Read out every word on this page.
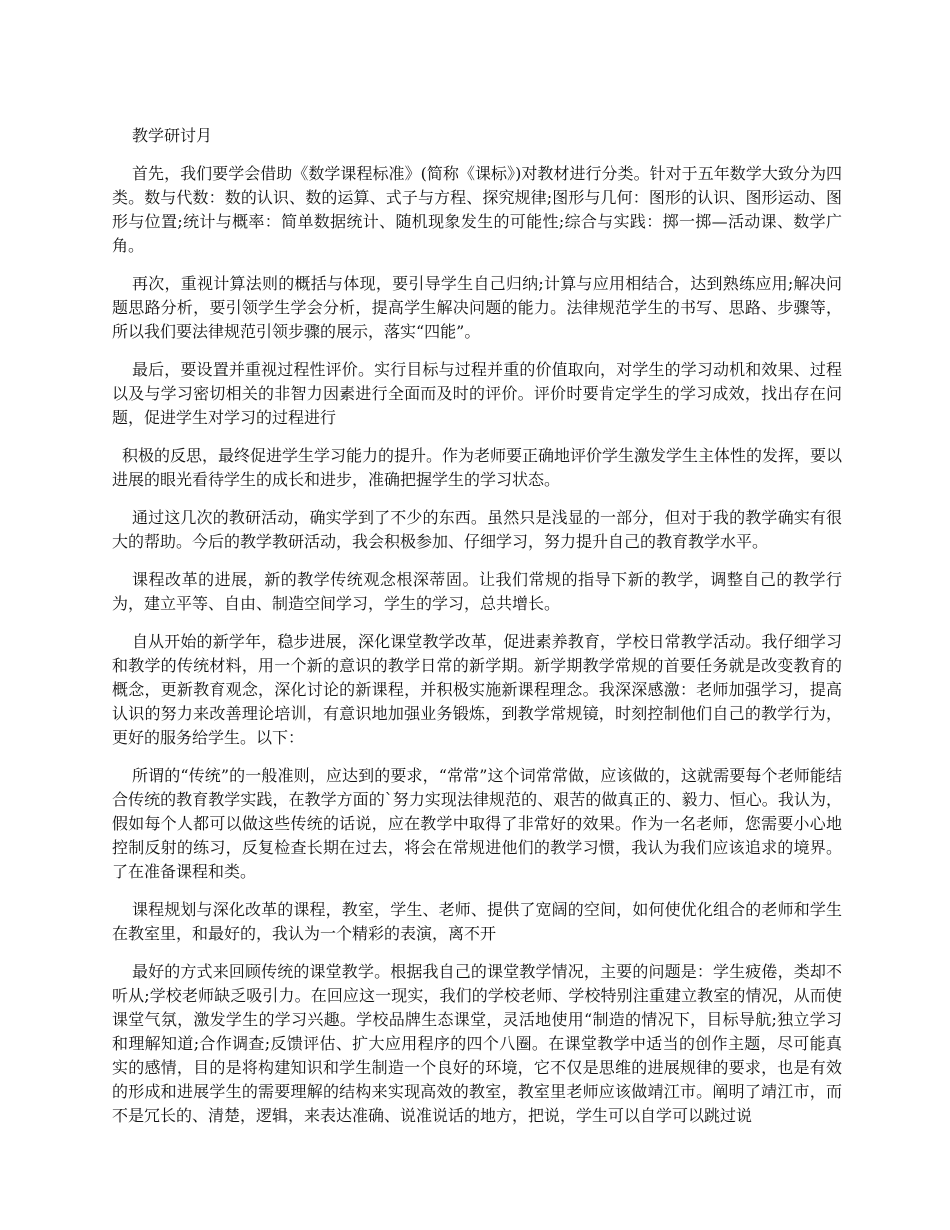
教学研讨月

首先，我们要学会借助《数学课程标准》(简称《课标》)对教材进行分类。针对于五年数学大致分为四类。数与代数：数的认识、数的运算、式子与方程、探究规律;图形与几何：图形的认识、图形运动、图形与位置;统计与概率：简单数据统计、随机现象发生的可能性;综合与实践：掷一掷—活动课、数学广角。

再次，重视计算法则的概括与体现，要引导学生自己归纳;计算与应用相结合，达到熟练应用;解决问题思路分析，要引领学生学会分析，提高学生解决问题的能力。法律规范学生的书写、思路、步骤等，所以我们要法律规范引领步骤的展示，落实“四能”。

最后，要设置并重视过程性评价。实行目标与过程并重的价值取向，对学生的学习动机和效果、过程以及与学习密切相关的非智力因素进行全面而及时的评价。评价时要肯定学生的学习成效，找出存在问题，促进学生对学习的过程进行

积极的反思，最终促进学生学习能力的提升。作为老师要正确地评价学生激发学生主体性的发挥，要以进展的眼光看待学生的成长和进步，准确把握学生的学习状态。

通过这几次的教研活动，确实学到了不少的东西。虽然只是浅显的一部分，但对于我的教学确实有很大的帮助。今后的教学教研活动，我会积极参加、仔细学习，努力提升自己的教育教学水平。

课程改革的进展，新的教学传统观念根深蒂固。让我们常规的指导下新的教学，调整自己的教学行为，建立平等、自由、制造空间学习，学生的学习，总共增长。

自从开始的新学年，稳步进展，深化课堂教学改革，促进素养教育，学校日常教学活动。我仔细学习和教学的传统材料，用一个新的意识的教学日常的新学期。新学期教学常规的首要任务就是改变教育的概念，更新教育观念，深化讨论的新课程，并积极实施新课程理念。我深深感激：老师加强学习，提高认识的努力来改善理论培训，有意识地加强业务锻炼，到教学常规镜，时刻控制他们自己的教学行为，更好的服务给学生。以下：

所谓的“传统”的一般准则，应达到的要求，“常常”这个词常常做，应该做的，这就需要每个老师能结合传统的教育教学实践，在教学方面的`努力实现法律规范的、艰苦的做真正的、毅力、恒心。我认为，假如每个人都可以做这些传统的话说，应在教学中取得了非常好的效果。作为一名老师，您需要小心地控制反射的练习，反复检查长期在过去，将会在常规进他们的教学习惯，我认为我们应该追求的境界。了在准备课程和类。

课程规划与深化改革的课程，教室，学生、老师、提供了宽阔的空间，如何使优化组合的老师和学生在教室里，和最好的，我认为一个精彩的表演，离不开

最好的方式来回顾传统的课堂教学。根据我自己的课堂教学情况，主要的问题是：学生疲倦，类却不听从;学校老师缺乏吸引力。在回应这一现实，我们的学校老师、学校特别注重建立教室的情况，从而使课堂气氛，激发学生的学习兴趣。学校品牌生态课堂，灵活地使用“制造的情况下，目标导航;独立学习和理解知道;合作调查;反馈评估、扩大应用程序的四个八圈。在课堂教学中适当的创作主题，尽可能真实的感情，目的是将构建知识和学生制造一个良好的环境，它不仅是思维的进展规律的要求，也是有效的形成和进展学生的需要理解的结构来实现高效的教室，教室里老师应该做靖江市。阐明了靖江市，而不是冗长的、清楚，逻辑，来表达准确、说准说话的地方，把说，学生可以自学可以跳过说
